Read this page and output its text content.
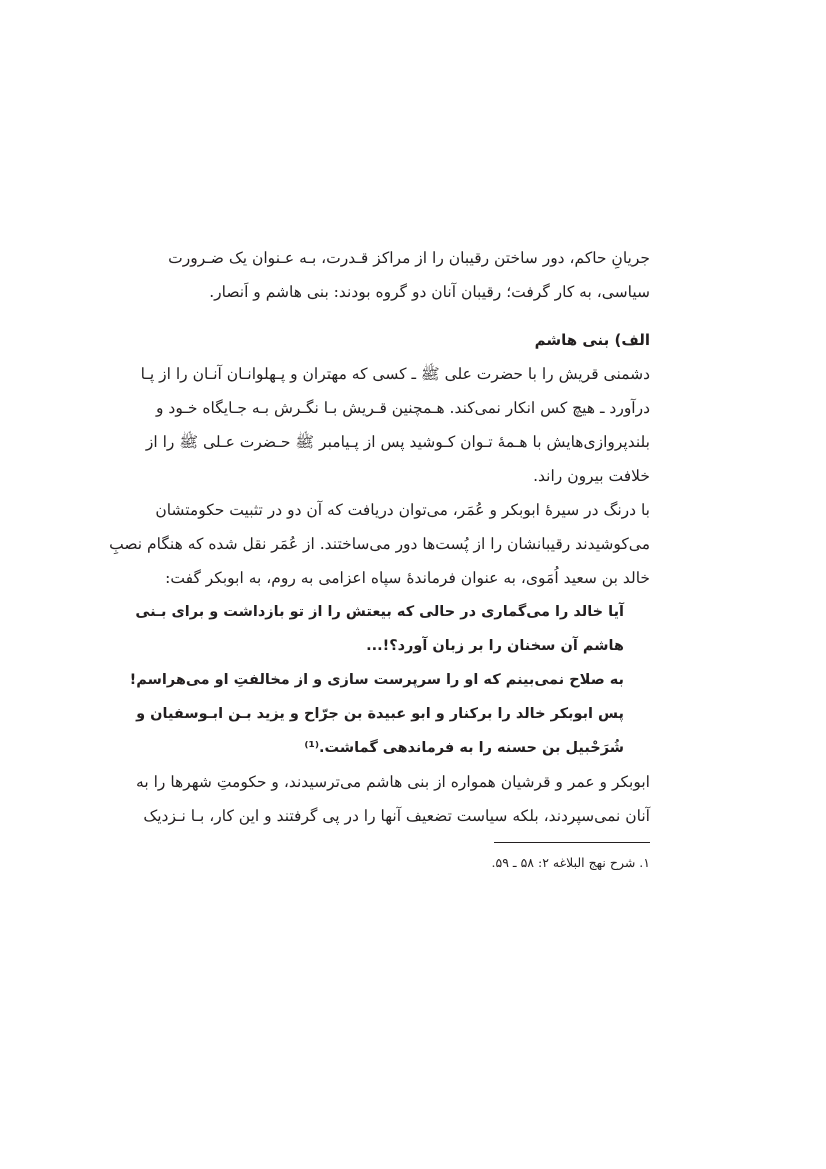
جریانِ حاکم، دور ساختن رقیبان را از مراکز قـدرت، بـه عـنوان یک ضـرورت
سیاسی، به کار گرفت؛ رقیبان آنان دو گروه بودند: بنی هاشم و اَنصار.
الف) بنی هاشم
دشمنی قریش را با حضرت علی ﷺ ـ کسی که مهتران و پـهلوانـان آنـان را از پـا
درآورد ـ هیچ کس انکار نمی‌کند. هـمچنین قـریش بـا نگـرش بـه جـایگاه خـود و
بلندپروازی‌هایش با هـمهٔ تـوان کـوشید پس از پـیامبر ﷺ حـضرت عـلی ﷺ را از
خلافت بیرون راند.
با درنگ در سیرهٔ ابوبکر و عُمَر، می‌توان دریافت که آن دو در تثبیت حکومتشان
می‌کوشیدند رقیبانشان را از پُست‌ها دور می‌ساختند. از عُمَر نقل شده که هنگام نصبِ
خالد بن سعید اُمَوی، به عنوان فرماندهٔ سپاه اعزامی به روم، به ابوبکر گفت:
آیا خالد را می‌گماری در حالی که بیعتش را از تو بازداشت و برای بـنی
هاشم آن سخنان را بر زبان آورد؟!...
به صلاح نمی‌بینم که او را سرپرست سازی و از مخالفتِ او می‌هراسم!
پس ابوبکر خالد را برکنار و ابو عبیدة بن جرّاح و یزید بـن ابـوسفیان و
شُرَحْبیل بن حسنه را به فرماندهی گماشت.⁽¹⁾
ابوبکر و عمر و قرشیان همواره از بنی هاشم می‌ترسیدند، و حکومتِ شهرها را به
آنان نمی‌سپردند، بلکه سیاست تضعیف آنها را در پی گرفتند و این کار، بـا نـزدیک
۱. شرح نهج البلاغه ۲: ۵۸ ـ ۵۹.
